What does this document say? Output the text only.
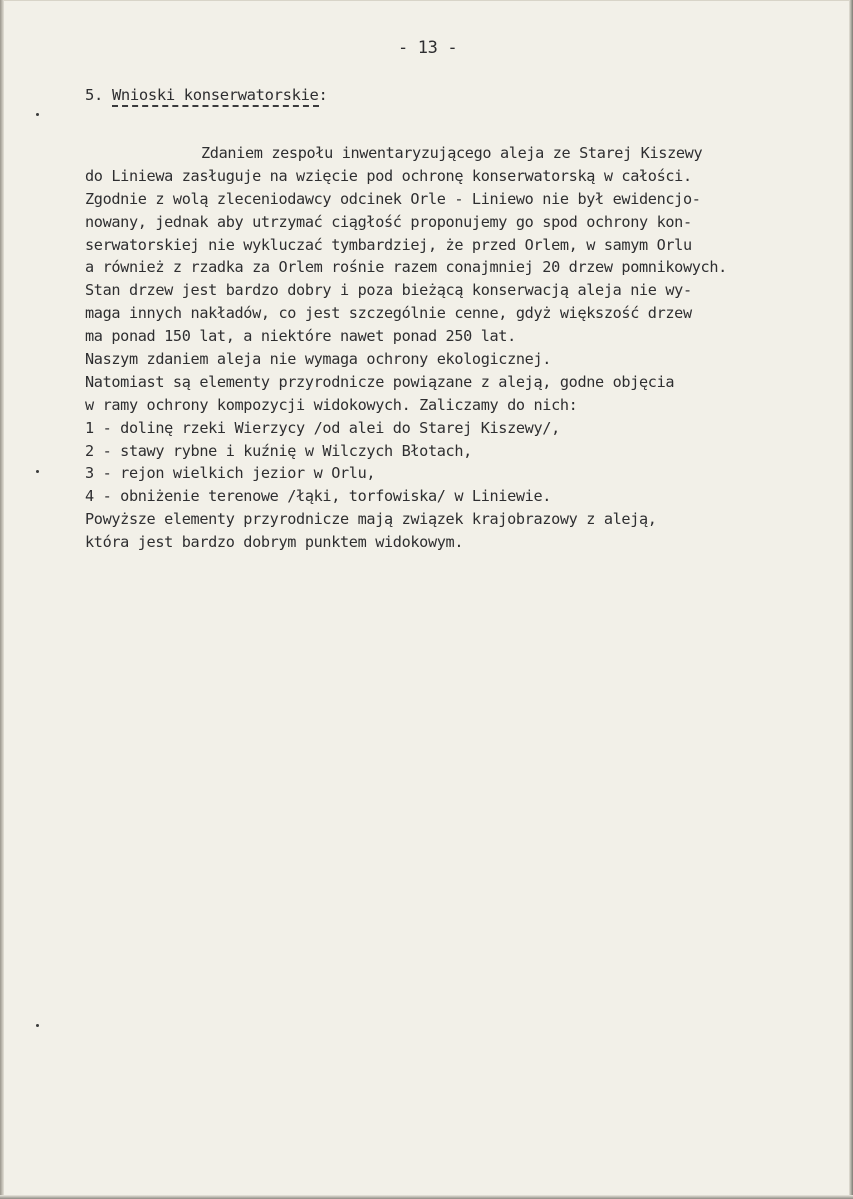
- 13 -
5. Wnioski konserwatorskie:
Zdaniem zespołu inwentaryzującego aleja ze Starej Kiszewy
do Liniewa zasługuje na wzięcie pod ochronę konserwatorską w całości.
Zgodnie z wolą zleceniodawcy odcinek Orle - Liniewo nie był ewidencjo-
nowany, jednak aby utrzymać ciągłość proponujemy go spod ochrony kon-
serwatorskiej nie wykluczać tymbardziej, że przed Orlem, w samym Orlu
a również z rzadka za Orlem rośnie razem conajmniej 20 drzew pomnikowych.
Stan drzew jest bardzo dobry i poza bieżącą konserwacją aleja nie wy-
maga innych nakładów, co jest szczególnie cenne, gdyż większość drzew
ma ponad 150 lat, a niektóre nawet ponad 250 lat.
Naszym zdaniem aleja nie wymaga ochrony ekologicznej.
Natomiast są elementy przyrodnicze powiązane z aleją, godne objęcia
w ramy ochrony kompozycji widokowych. Zaliczamy do nich:
1 - dolinę rzeki Wierzycy /od alei do Starej Kiszewy/,
2 - stawy rybne i kuźnię w Wilczych Błotach,
3 - rejon wielkich jezior w Orlu,
4 - obniżenie terenowe /łąki, torfowiska/ w Liniewie.
Powyższe elementy przyrodnicze mają związek krajobrazowy z aleją,
która jest bardzo dobrym punktem widokowym.
